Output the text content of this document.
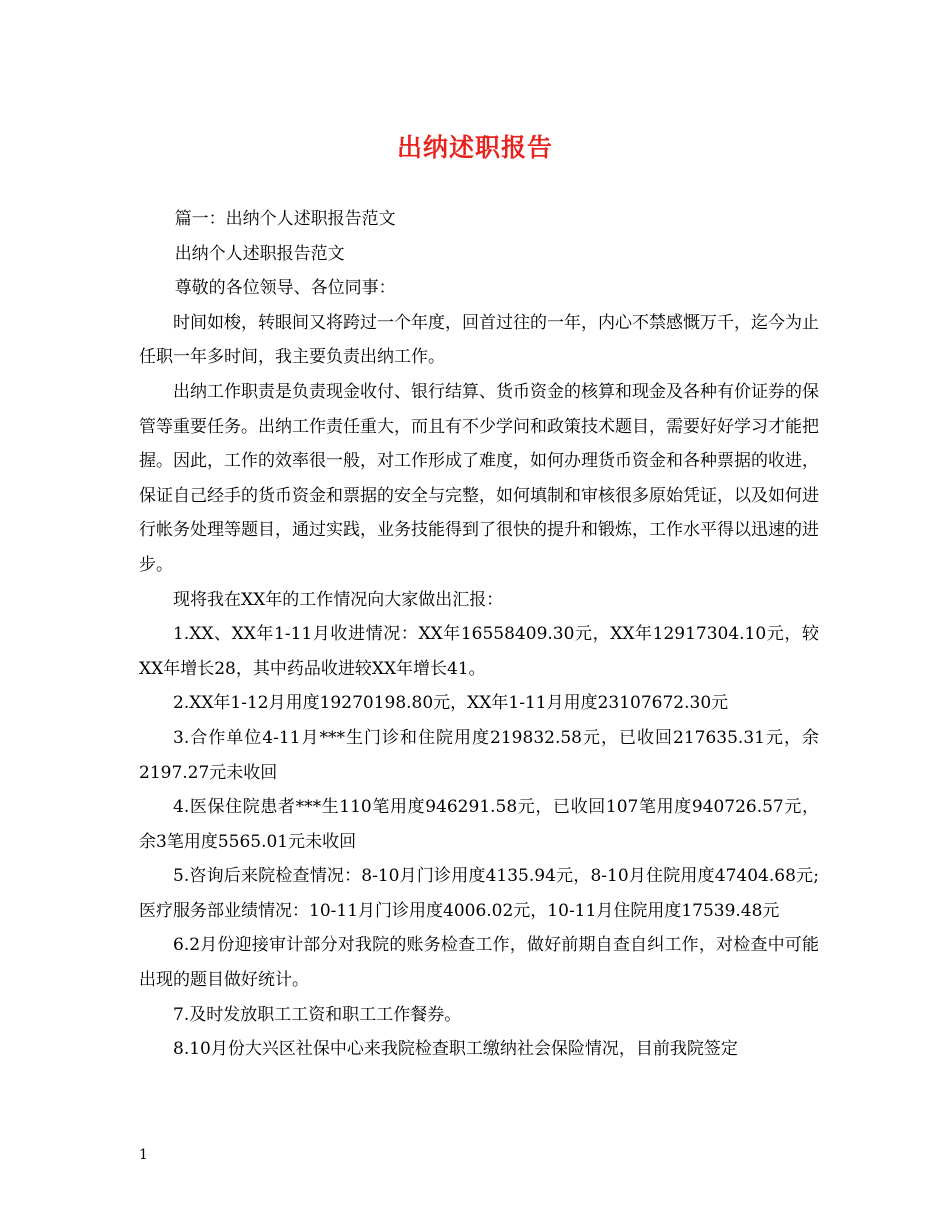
出纳述职报告

篇一：出纳个人述职报告范文

出纳个人述职报告范文

尊敬的各位领导、各位同事：

时间如梭，转眼间又将跨过一个年度，回首过往的一年，内心不禁感慨万千，迄今为止任职一年多时间，我主要负责出纳工作。

出纳工作职责是负责现金收付、银行结算、货币资金的核算和现金及各种有价证券的保管等重要任务。出纳工作责任重大，而且有不少学问和政策技术题目，需要好好学习才能把握。因此，工作的效率很一般，对工作形成了难度，如何办理货币资金和各种票据的收进，保证自己经手的货币资金和票据的安全与完整，如何填制和审核很多原始凭证，以及如何进行帐务处理等题目，通过实践，业务技能得到了很快的提升和锻炼，工作水平得以迅速的进步。

现将我在XX年的工作情况向大家做出汇报：

1.XX、XX年1-11月收进情况：XX年16558409.30元，XX年12917304.10元，较XX年增长28，其中药品收进较XX年增长41。

2.XX年1-12月用度19270198.80元，XX年1-11月用度23107672.30元

3.合作单位4-11月***生门诊和住院用度219832.58元，已收回217635.31元，余2197.27元未收回

4.医保住院患者***生110笔用度946291.58元，已收回107笔用度940726.57元，余3笔用度5565.01元未收回

5.咨询后来院检查情况：8-10月门诊用度4135.94元，8-10月住院用度47404.68元;医疗服务部业绩情况：10-11月门诊用度4006.02元，10-11月住院用度17539.48元

6.2月份迎接审计部分对我院的账务检查工作，做好前期自查自纠工作，对检查中可能出现的题目做好统计。

7.及时发放职工工资和职工工作餐券。

8.10月份大兴区社保中心来我院检查职工缴纳社会保险情况，目前我院签定

1
